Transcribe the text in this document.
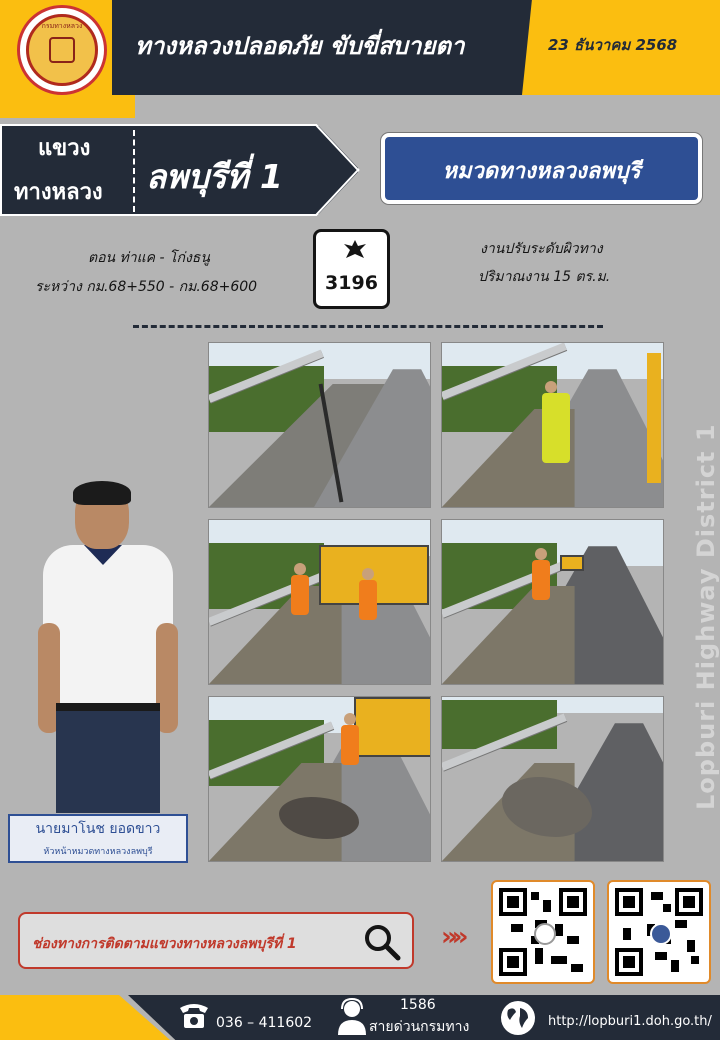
กรมทางหลวง
ทางหลวงปลอดภัย ขับขี่สบายตา	23 ธันวาคม 2568
แขวง
ทางหลวง ลพบุรีที่ 1	หมวดทางหลวงลพบุรี
ตอน ท่าแค - โก่งธนู
ระหว่าง กม.68+550 - กม.68+600	3196
งานปรับระดับผิวทาง
ปริมาณงาน 15 ตร.ม.
นายมาโนช ยอดขาว
หัวหน้าหมวดทางหลวงลพบุรี
Lopburi Highway District 1
ช่องทางการติดตามแขวงทางหลวงลพบุรีที่ 1	»»
036 – 411602
1586
สายด่วนกรมทาง	http://lopburi1.doh.go.th/
